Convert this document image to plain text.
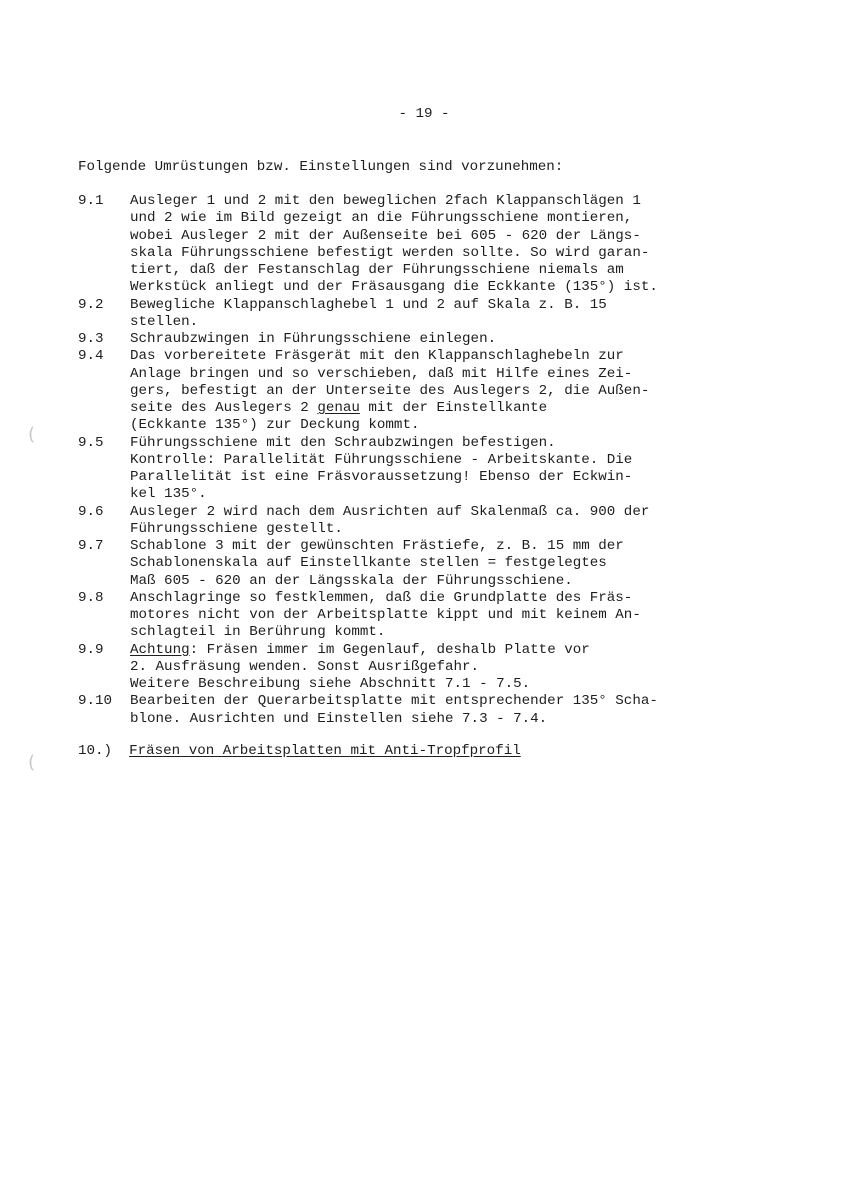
- 19 -
Folgende Umrüstungen bzw. Einstellungen sind vorzunehmen:
9.1	Ausleger 1 und 2 mit den beweglichen 2fach Klappanschlägen 1
und 2 wie im Bild gezeigt an die Führungsschiene montieren,
wobei Ausleger 2 mit der Außenseite bei 605 - 620 der Längs-
skala Führungsschiene befestigt werden sollte. So wird garan-
tiert, daß der Festanschlag der Führungsschiene niemals am
Werkstück anliegt und der Fräsausgang die Eckkante (135°) ist.
9.2	Bewegliche Klappanschlaghebel 1 und 2 auf Skala z. B. 15
stellen.
9.3	Schraubzwingen in Führungsschiene einlegen.
9.4	Das vorbereitete Fräsgerät mit den Klappanschlaghebeln zur
Anlage bringen und so verschieben, daß mit Hilfe eines Zei-
gers, befestigt an der Unterseite des Auslegers 2, die Außen-
seite des Auslegers 2 genau mit der Einstellkante
(Eckkante 135°) zur Deckung kommt.
9.5	Führungsschiene mit den Schraubzwingen befestigen.
Kontrolle: Parallelität Führungsschiene - Arbeitskante. Die
Parallelität ist eine Fräsvoraussetzung! Ebenso der Eckwin-
kel 135°.
9.6	Ausleger 2 wird nach dem Ausrichten auf Skalenmaß ca. 900 der
Führungsschiene gestellt.
9.7	Schablone 3 mit der gewünschten Frästiefe, z. B. 15 mm der
Schablonenskala auf Einstellkante stellen = festgelegtes
Maß 605 - 620 an der Längsskala der Führungsschiene.
9.8	Anschlagringe so festklemmen, daß die Grundplatte des Fräs-
motores nicht von der Arbeitsplatte kippt und mit keinem An-
schlagteil in Berührung kommt.
9.9	Achtung: Fräsen immer im Gegenlauf, deshalb Platte vor
2. Ausfräsung wenden. Sonst Ausrißgefahr.
Weitere Beschreibung siehe Abschnitt 7.1 - 7.5.
9.10	Bearbeiten der Querarbeitsplatte mit entsprechender 135° Scha-
blone. Ausrichten und Einstellen siehe 7.3 - 7.4.
10.) Fräsen von Arbeitsplatten mit Anti-Tropfprofil
(
(
